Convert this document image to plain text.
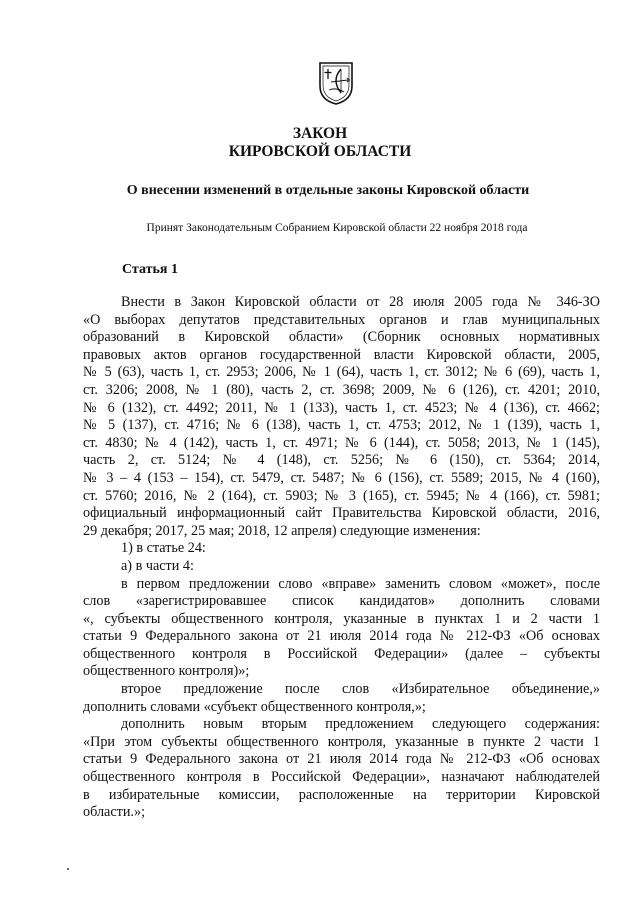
ЗАКОН
КИРОВСКОЙ ОБЛАСТИ
О внесении изменений в отдельные законы Кировской области
Принят Законодательным Собранием Кировской области 22 ноября 2018 года
Статья 1
Внести в Закон Кировской области от 28 июля 2005 года № 346-ЗО
«О выборах депутатов представительных органов и глав муниципальных
образований в Кировской области» (Сборник основных нормативных
правовых актов органов государственной власти Кировской области, 2005,
№ 5 (63), часть 1, ст. 2953; 2006, № 1 (64), часть 1, ст. 3012; № 6 (69), часть 1,
ст. 3206; 2008, № 1 (80), часть 2, ст. 3698; 2009, № 6 (126), ст. 4201; 2010,
№ 6 (132), ст. 4492; 2011, № 1 (133), часть 1, ст. 4523; № 4 (136), ст. 4662;
№ 5 (137), ст. 4716; № 6 (138), часть 1, ст. 4753; 2012, № 1 (139), часть 1,
ст. 4830; № 4 (142), часть 1, ст. 4971; № 6 (144), ст. 5058; 2013, № 1 (145),
часть 2, ст. 5124; № 4 (148), ст. 5256; № 6 (150), ст. 5364; 2014,
№ 3 – 4 (153 – 154), ст. 5479, ст. 5487; № 6 (156), ст. 5589; 2015, № 4 (160),
ст. 5760; 2016, № 2 (164), ст. 5903; № 3 (165), ст. 5945; № 4 (166), ст. 5981;
официальный информационный сайт Правительства Кировской области, 2016,
29 декабря; 2017, 25 мая; 2018, 12 апреля) следующие изменения:
1) в статье 24:
а) в части 4:
в первом предложении слово «вправе» заменить словом «может», после
слов «зарегистрировавшее список кандидатов» дополнить словами
«, субъекты общественного контроля, указанные в пунктах 1 и 2 части 1
статьи 9 Федерального закона от 21 июля 2014 года № 212-ФЗ «Об основах
общественного контроля в Российской Федерации» (далее – субъекты
общественного контроля)»;
второе предложение после слов «Избирательное объединение,»
дополнить словами «субъект общественного контроля,»;
дополнить новым вторым предложением следующего содержания:
«При этом субъекты общественного контроля, указанные в пункте 2 части 1
статьи 9 Федерального закона от 21 июля 2014 года № 212-ФЗ «Об основах
общественного контроля в Российской Федерации», назначают наблюдателей
в избирательные комиссии, расположенные на территории Кировской
области.»;
